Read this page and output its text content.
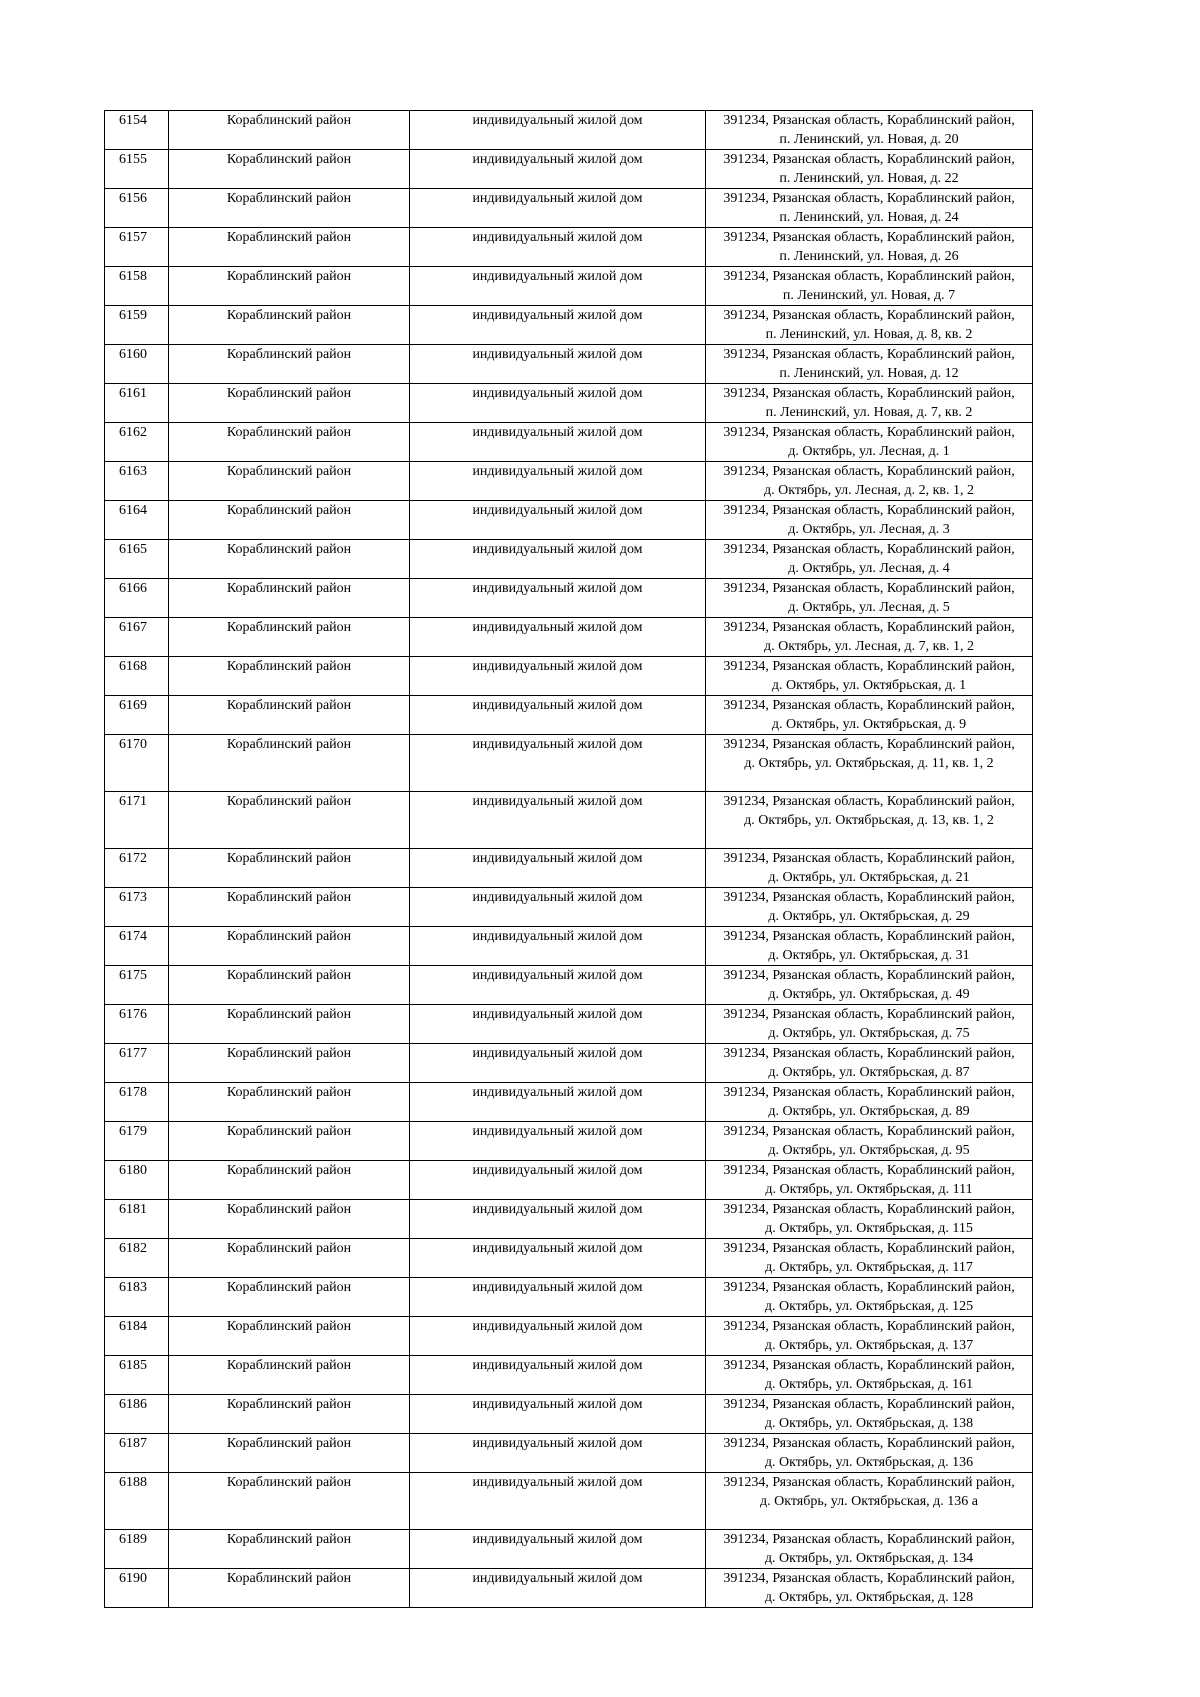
6154	Кораблинский район	индивидуальный жилой дом	391234, Рязанская область, Кораблинский район,
п. Ленинский, ул. Новая, д. 20

6155	Кораблинский район	индивидуальный жилой дом	391234, Рязанская область, Кораблинский район,
п. Ленинский, ул. Новая, д. 22

6156	Кораблинский район	индивидуальный жилой дом	391234, Рязанская область, Кораблинский район,
п. Ленинский, ул. Новая, д. 24

6157	Кораблинский район	индивидуальный жилой дом	391234, Рязанская область, Кораблинский район,
п. Ленинский, ул. Новая, д. 26

6158	Кораблинский район	индивидуальный жилой дом	391234, Рязанская область, Кораблинский район,
п. Ленинский, ул. Новая, д. 7

6159	Кораблинский район	индивидуальный жилой дом	391234, Рязанская область, Кораблинский район,
п. Ленинский, ул. Новая, д. 8, кв. 2

6160	Кораблинский район	индивидуальный жилой дом	391234, Рязанская область, Кораблинский район,
п. Ленинский, ул. Новая, д. 12

6161	Кораблинский район	индивидуальный жилой дом	391234, Рязанская область, Кораблинский район,
п. Ленинский, ул. Новая, д. 7, кв. 2

6162	Кораблинский район	индивидуальный жилой дом	391234, Рязанская область, Кораблинский район,
д. Октябрь, ул. Лесная, д. 1

6163	Кораблинский район	индивидуальный жилой дом	391234, Рязанская область, Кораблинский район,
д. Октябрь, ул. Лесная, д. 2, кв. 1, 2

6164	Кораблинский район	индивидуальный жилой дом	391234, Рязанская область, Кораблинский район,
д. Октябрь, ул. Лесная, д. 3

6165	Кораблинский район	индивидуальный жилой дом	391234, Рязанская область, Кораблинский район,
д. Октябрь, ул. Лесная, д. 4

6166	Кораблинский район	индивидуальный жилой дом	391234, Рязанская область, Кораблинский район,
д. Октябрь, ул. Лесная, д. 5

6167	Кораблинский район	индивидуальный жилой дом	391234, Рязанская область, Кораблинский район,
д. Октябрь, ул. Лесная, д. 7, кв. 1, 2

6168	Кораблинский район	индивидуальный жилой дом	391234, Рязанская область, Кораблинский район,
д. Октябрь, ул. Октябрьская, д. 1

6169	Кораблинский район	индивидуальный жилой дом	391234, Рязанская область, Кораблинский район,
д. Октябрь, ул. Октябрьская, д. 9

6170	Кораблинский район	индивидуальный жилой дом	391234, Рязанская область, Кораблинский район,
д. Октябрь, ул. Октябрьская, д. 11, кв. 1, 2

6171	Кораблинский район	индивидуальный жилой дом	391234, Рязанская область, Кораблинский район,
д. Октябрь, ул. Октябрьская, д. 13, кв. 1, 2

6172	Кораблинский район	индивидуальный жилой дом	391234, Рязанская область, Кораблинский район,
д. Октябрь, ул. Октябрьская, д. 21

6173	Кораблинский район	индивидуальный жилой дом	391234, Рязанская область, Кораблинский район,
д. Октябрь, ул. Октябрьская, д. 29

6174	Кораблинский район	индивидуальный жилой дом	391234, Рязанская область, Кораблинский район,
д. Октябрь, ул. Октябрьская, д. 31

6175	Кораблинский район	индивидуальный жилой дом	391234, Рязанская область, Кораблинский район,
д. Октябрь, ул. Октябрьская, д. 49

6176	Кораблинский район	индивидуальный жилой дом	391234, Рязанская область, Кораблинский район,
д. Октябрь, ул. Октябрьская, д. 75

6177	Кораблинский район	индивидуальный жилой дом	391234, Рязанская область, Кораблинский район,
д. Октябрь, ул. Октябрьская, д. 87

6178	Кораблинский район	индивидуальный жилой дом	391234, Рязанская область, Кораблинский район,
д. Октябрь, ул. Октябрьская, д. 89

6179	Кораблинский район	индивидуальный жилой дом	391234, Рязанская область, Кораблинский район,
д. Октябрь, ул. Октябрьская, д. 95

6180	Кораблинский район	индивидуальный жилой дом	391234, Рязанская область, Кораблинский район,
д. Октябрь, ул. Октябрьская, д. 111

6181	Кораблинский район	индивидуальный жилой дом	391234, Рязанская область, Кораблинский район,
д. Октябрь, ул. Октябрьская, д. 115

6182	Кораблинский район	индивидуальный жилой дом	391234, Рязанская область, Кораблинский район,
д. Октябрь, ул. Октябрьская, д. 117

6183	Кораблинский район	индивидуальный жилой дом	391234, Рязанская область, Кораблинский район,
д. Октябрь, ул. Октябрьская, д. 125

6184	Кораблинский район	индивидуальный жилой дом	391234, Рязанская область, Кораблинский район,
д. Октябрь, ул. Октябрьская, д. 137

6185	Кораблинский район	индивидуальный жилой дом	391234, Рязанская область, Кораблинский район,
д. Октябрь, ул. Октябрьская, д. 161

6186	Кораблинский район	индивидуальный жилой дом	391234, Рязанская область, Кораблинский район,
д. Октябрь, ул. Октябрьская, д. 138

6187	Кораблинский район	индивидуальный жилой дом	391234, Рязанская область, Кораблинский район,
д. Октябрь, ул. Октябрьская, д. 136

6188	Кораблинский район	индивидуальный жилой дом	391234, Рязанская область, Кораблинский район,
д. Октябрь, ул. Октябрьская, д. 136 а

6189	Кораблинский район	индивидуальный жилой дом	391234, Рязанская область, Кораблинский район,
д. Октябрь, ул. Октябрьская, д. 134

6190	Кораблинский район	индивидуальный жилой дом	391234, Рязанская область, Кораблинский район,
д. Октябрь, ул. Октябрьская, д. 128
